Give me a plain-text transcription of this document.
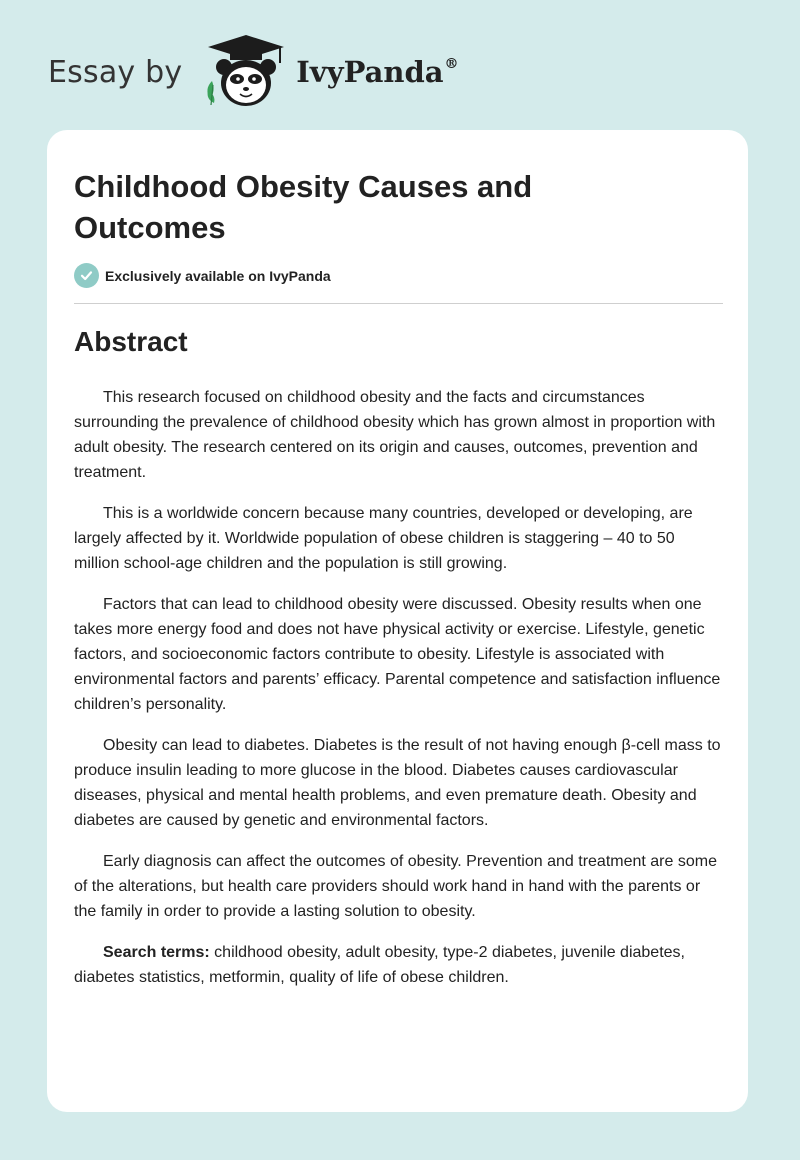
Essay by	IvyPanda®
Childhood Obesity Causes and Outcomes
Exclusively available on IvyPanda
Abstract

This research focused on childhood obesity and the facts and circumstances surrounding the prevalence of childhood obesity which has grown almost in proportion with adult obesity. The research centered on its origin and causes, outcomes, prevention and treatment.

This is a worldwide concern because many countries, developed or developing, are largely affected by it. Worldwide population of obese children is staggering – 40 to 50 million school-age children and the population is still growing.

Factors that can lead to childhood obesity were discussed. Obesity results when one takes more energy food and does not have physical activity or exercise. Lifestyle, genetic factors, and socioeconomic factors contribute to obesity. Lifestyle is associated with environmental factors and parents’ efficacy. Parental competence and satisfaction influence children’s personality.

Obesity can lead to diabetes. Diabetes is the result of not having enough β-cell mass to produce insulin leading to more glucose in the blood. Diabetes causes cardiovascular diseases, physical and mental health problems, and even premature death. Obesity and diabetes are caused by genetic and environmental factors.

Early diagnosis can affect the outcomes of obesity. Prevention and treatment are some of the alterations, but health care providers should work hand in hand with the parents or the family in order to provide a lasting solution to obesity.

Search terms: childhood obesity, adult obesity, type-2 diabetes, juvenile diabetes, diabetes statistics, metformin, quality of life of obese children.
